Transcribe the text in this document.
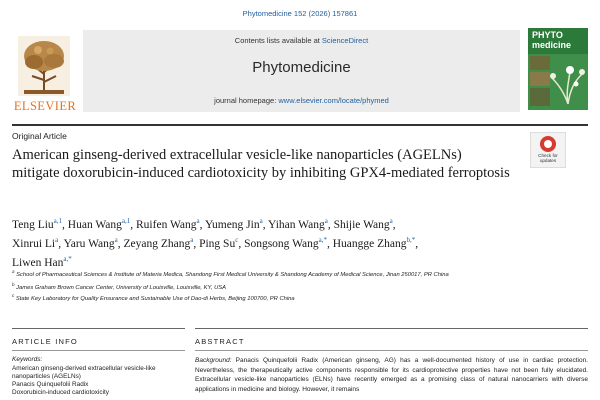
Phytomedicine 152 (2026) 157861
ELSEVIER
Contents lists available at ScienceDirect
Phytomedicine
journal homepage: www.elsevier.com/locate/phymed
PHYTO
medicine
Original Article
American ginseng-derived extracellular vesicle-like nanoparticles (AGELNs) mitigate doxorubicin-induced cardiotoxicity by inhibiting GPX4-mediated ferroptosis
Check for
updates
Teng Liu$^{a,1}$, Huan Wang$^{a,1}$, Ruifen Wang$^a$, Yumeng Jin$^a$, Yihan Wang$^a$, Shijie Wang$^a$,
Xinrui Li$^a$, Yaru Wang$^a$, Zeyang Zhang$^a$, Ping Su$^c$, Songsong Wang$^{a,*}$, Huangge Zhang$^{b,*}$,
Liwen Han$^{a,*}$
$^a$ School of Pharmaceutical Sciences & Institute of Materia Medica, Shandong First Medical University & Shandong Academy of Medical Science, Jinan 250017, PR China
$^b$ James Graham Brown Cancer Center, University of Louisville, Louisville, KY, USA
$^c$ State Key Laboratory for Quality Ensurance and Sustainable Use of Dao-di Herbs, Beijing 100700, PR China
ARTICLE INFO	ABSTRACT
Keywords:
American ginseng-derived extracellular vesicle-like nanoparticles (AGELNs)
Panacis Quinquefolii Radix
Doxorubicin-induced cardiotoxicity
Background: Panacis Quinquefolii Radix (American ginseng, AG) has a well-documented history of use in cardiac protection. Nevertheless, the therapeutically active components responsible for its cardioprotective properties have not been fully elucidated. Extracellular vesicle-like nanoparticles (ELNs) have recently emerged as a promising class of natural nanocarriers with diverse applications in medicine and biology. However, it remains
